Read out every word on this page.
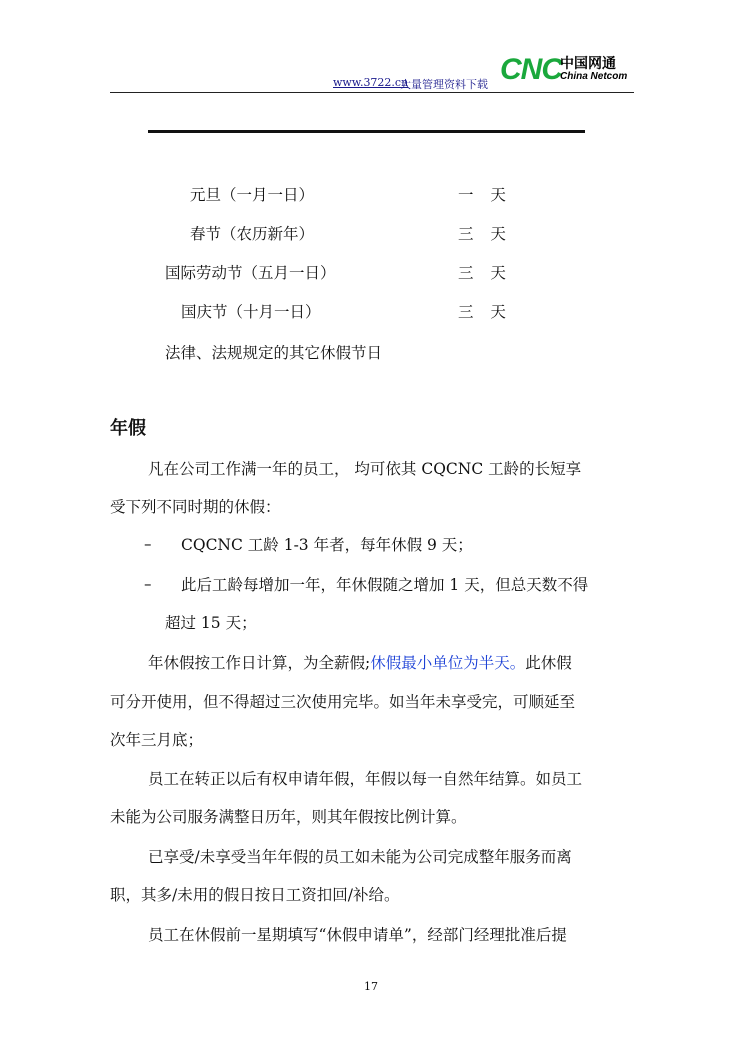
www.3722.cn
大量管理资料下载 CNC
中国网通
China Netcom
元旦（一月一日）	一 天
春节（农历新年）	三 天
国际劳动节（五月一日）	三 天
国庆节（十月一日）	三 天
法律、法规规定的其它休假节日
年假
凡在公司工作满一年的员工， 均可依其 CQCNC 工龄的长短享
受下列不同时期的休假：
– CQCNC 工龄 1-3 年者，每年休假 9 天；
– 此后工龄每增加一年，年休假随之增加 1 天，但总天数不得
超过 15 天；
年休假按工作日计算，为全薪假;休假最小单位为半天。此休假
可分开使用，但不得超过三次使用完毕。如当年未享受完，可顺延至
次年三月底；
员工在转正以后有权申请年假，年假以每一自然年结算。如员工
未能为公司服务满整日历年，则其年假按比例计算。
已享受/未享受当年年假的员工如未能为公司完成整年服务而离
职，其多/未用的假日按日工资扣回/补给。
员工在休假前一星期填写“休假申请单”，经部门经理批准后提
17
